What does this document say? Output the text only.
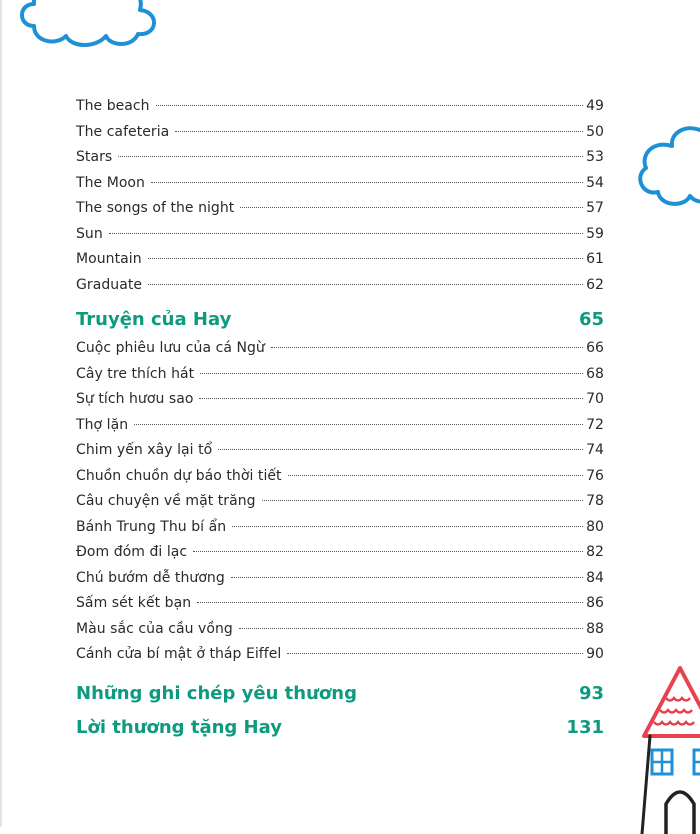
The beach	49
The cafeteria	50
Stars	53
The Moon	54
The songs of the night	57
Sun	59
Mountain	61
Graduate	62
Truyện của Hay	65
Cuộc phiêu lưu của cá Ngừ	66
Cây tre thích hát	68
Sự tích hươu sao	70
Thợ lặn	72
Chim yến xây lại tổ	74
Chuồn chuồn dự báo thời tiết	76
Câu chuyện về mặt trăng	78
Bánh Trung Thu bí ẩn	80
Đom đóm đi lạc	82
Chú bướm dễ thương	84
Sấm sét kết bạn	86
Màu sắc của cầu vồng	88
Cánh cửa bí mật ở tháp Eiffel	90
Những ghi chép yêu thương	93
Lời thương tặng Hay	131
